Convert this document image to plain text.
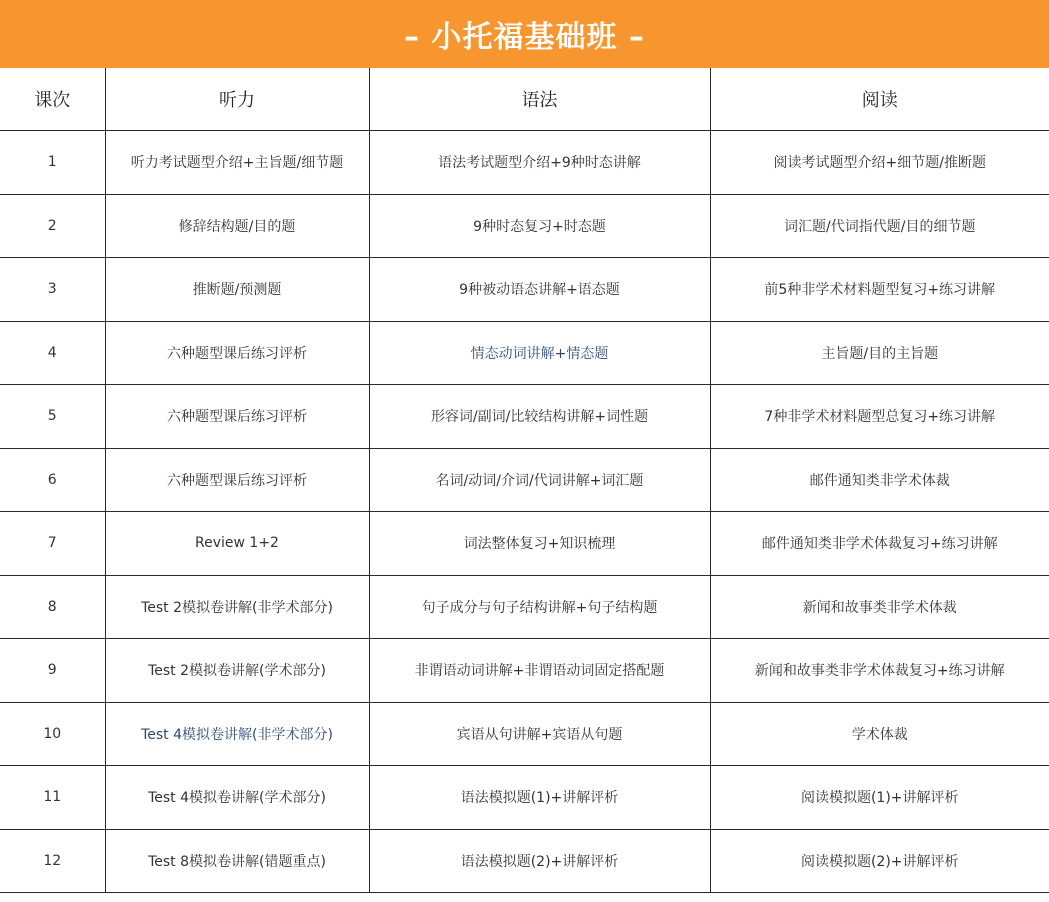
– 小托福基础班 –
课次	听力	语法	阅读
1	听力考试题型介绍+主旨题/细节题	语法考试题型介绍+9种时态讲解	阅读考试题型介绍+细节题/推断题
2	修辞结构题/目的题	9种时态复习+时态题	词汇题/代词指代题/目的细节题
3	推断题/预测题	9种被动语态讲解+语态题	前5种非学术材料题型复习+练习讲解
4	六种题型课后练习评析	情态动词讲解+情态题	主旨题/目的主旨题
5	六种题型课后练习评析	形容词/副词/比较结构讲解+词性题	7种非学术材料题型总复习+练习讲解
6	六种题型课后练习评析	名词/动词/介词/代词讲解+词汇题	邮件通知类非学术体裁
7	Review 1+2	词法整体复习+知识梳理	邮件通知类非学术体裁复习+练习讲解
8	Test 2模拟卷讲解(非学术部分)	句子成分与句子结构讲解+句子结构题	新闻和故事类非学术体裁
9	Test 2模拟卷讲解(学术部分)	非谓语动词讲解+非谓语动词固定搭配题	新闻和故事类非学术体裁复习+练习讲解
10	Test 4模拟卷讲解(非学术部分)	宾语从句讲解+宾语从句题	学术体裁
11	Test 4模拟卷讲解(学术部分)	语法模拟题(1)+讲解评析	阅读模拟题(1)+讲解评析
12	Test 8模拟卷讲解(错题重点)	语法模拟题(2)+讲解评析	阅读模拟题(2)+讲解评析
